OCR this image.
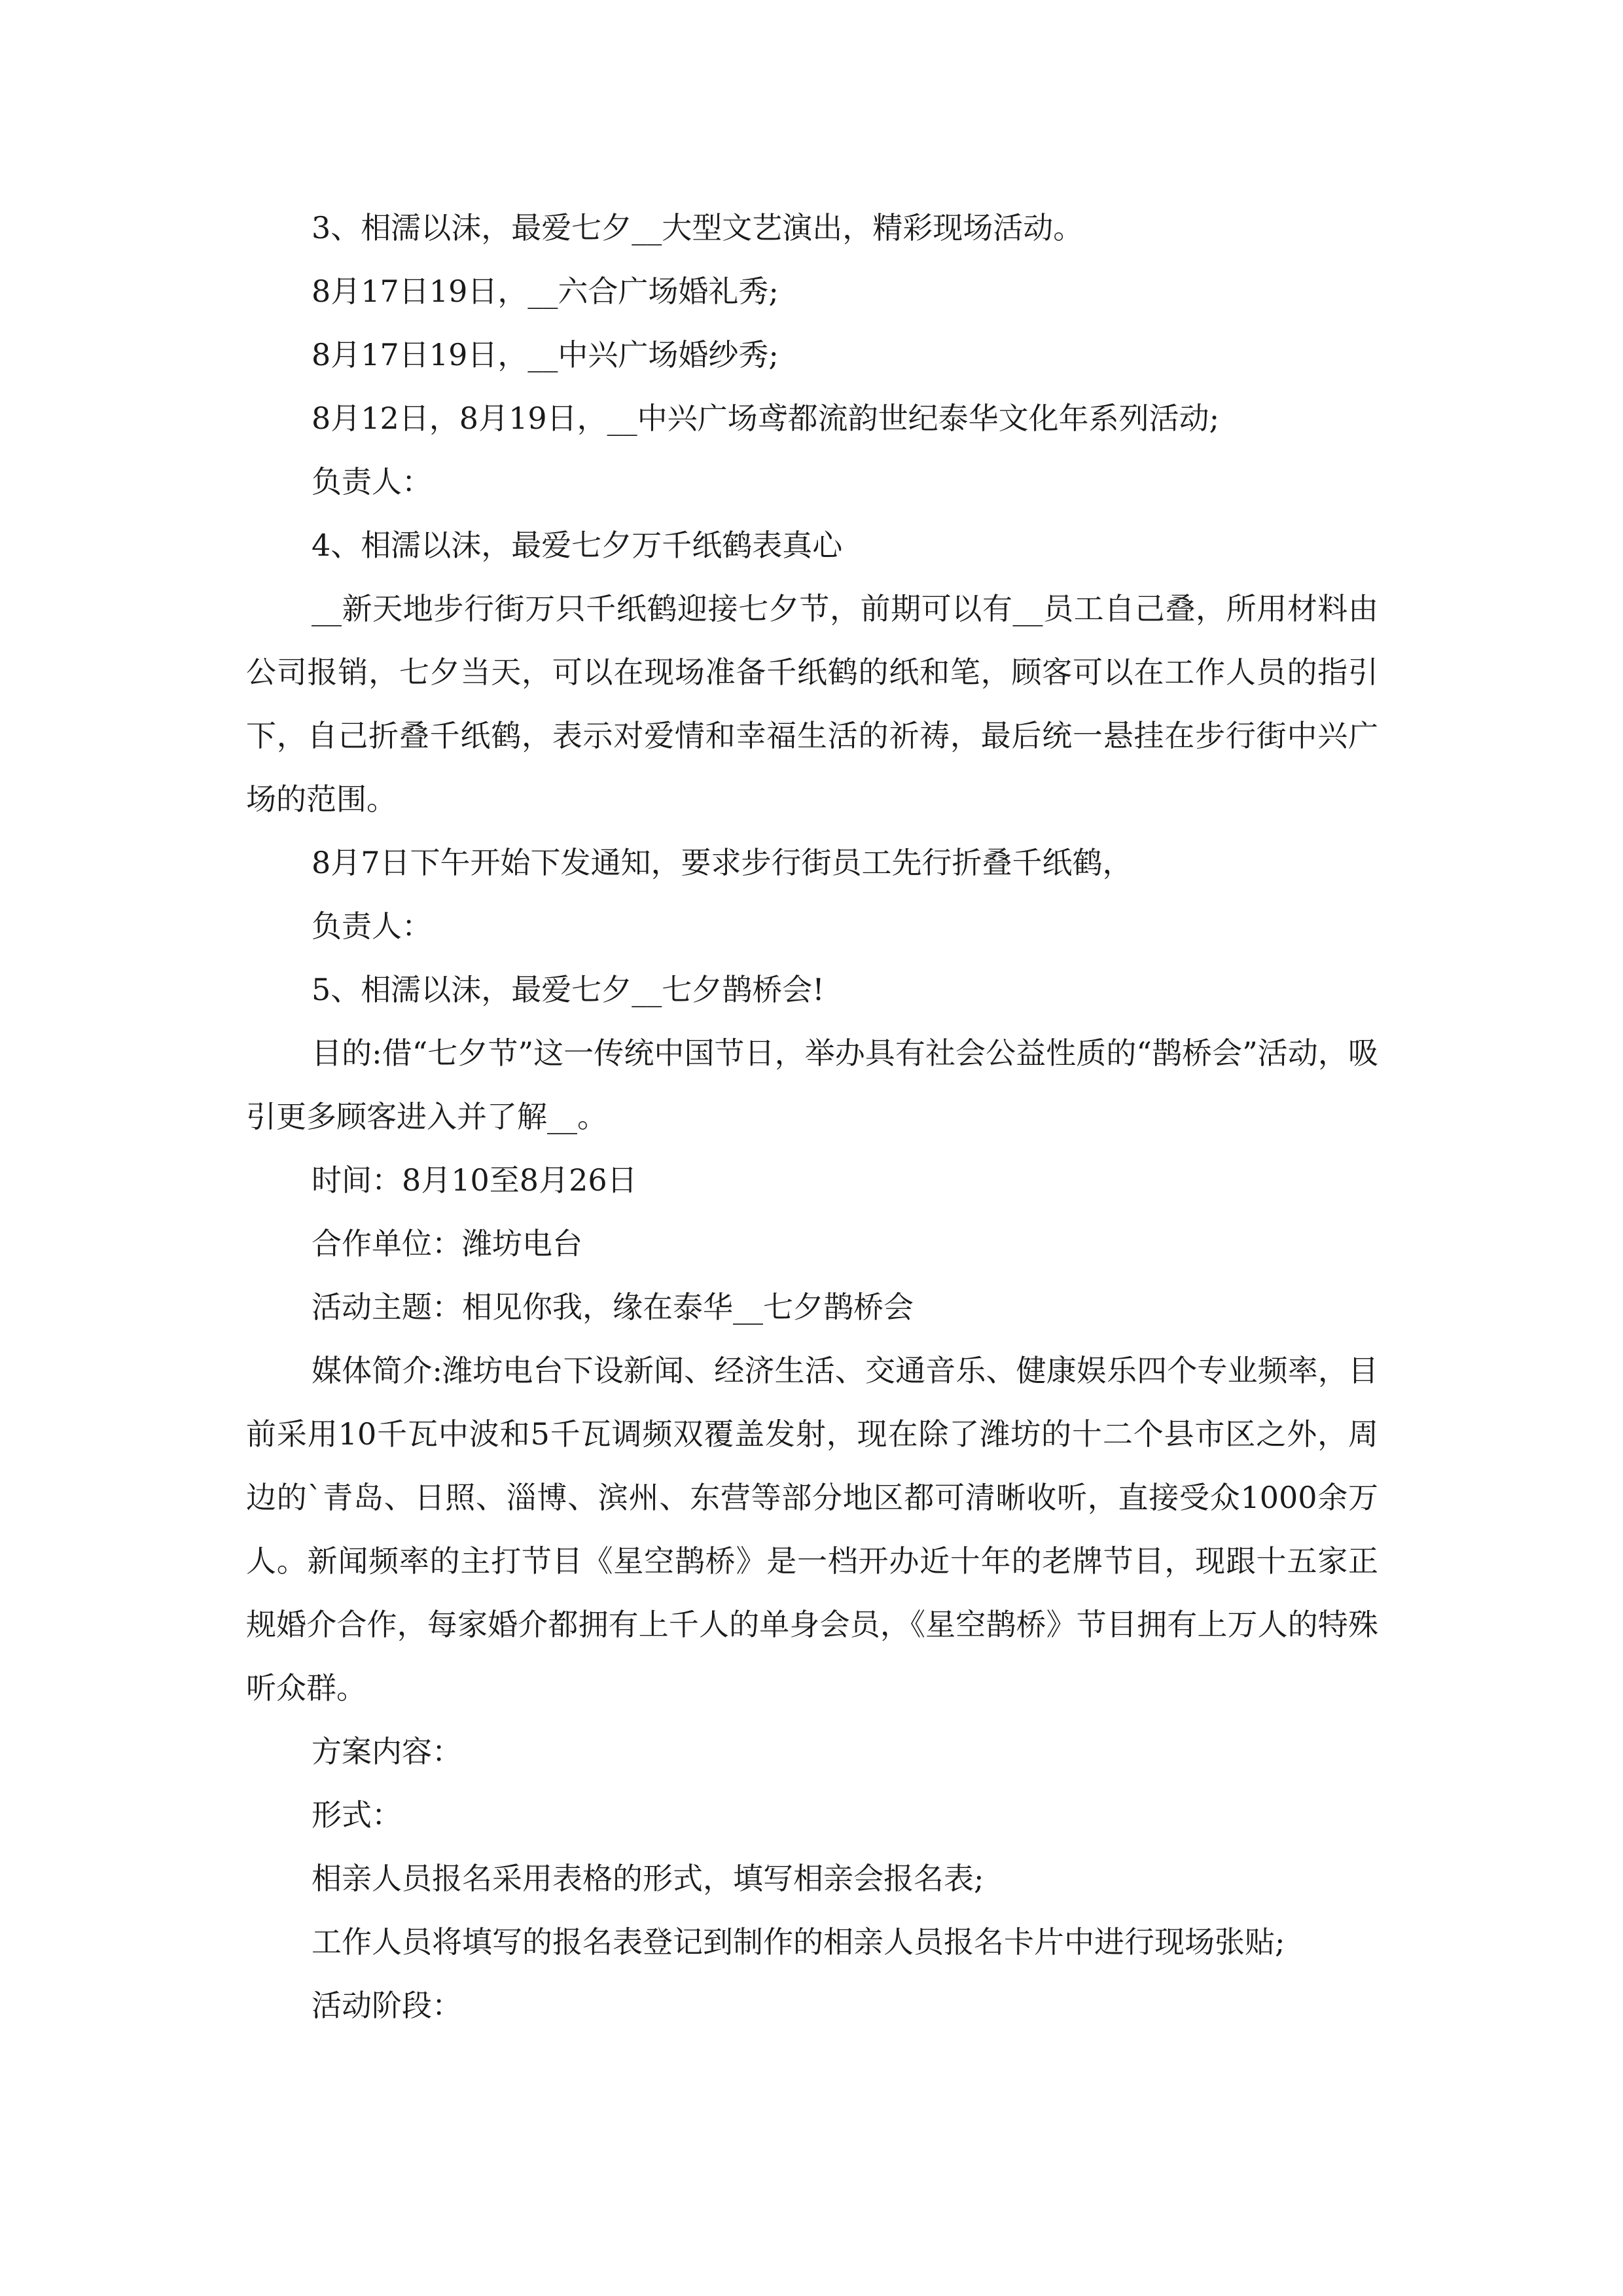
3、相濡以沫，最爱七夕__大型文艺演出，精彩现场活动。

8月17日19日，__六合广场婚礼秀;

8月17日19日，__中兴广场婚纱秀;

8月12日，8月19日，__中兴广场鸢都流韵世纪泰华文化年系列活动;

负责人：

4、相濡以沫，最爱七夕万千纸鹤表真心

__新天地步行街万只千纸鹤迎接七夕节，前期可以有__员工自己叠，所用材料由公司报销，七夕当天，可以在现场准备千纸鹤的纸和笔，顾客可以在工作人员的指引下，自己折叠千纸鹤，表示对爱情和幸福生活的祈祷，最后统一悬挂在步行街中兴广场的范围。

8月7日下午开始下发通知，要求步行街员工先行折叠千纸鹤，

负责人：

5、相濡以沫，最爱七夕__七夕鹊桥会!

目的:借“七夕节”这一传统中国节日，举办具有社会公益性质的“鹊桥会”活动，吸引更多顾客进入并了解__。

时间：8月10至8月26日

合作单位：潍坊电台

活动主题：相见你我，缘在泰华__七夕鹊桥会

媒体简介:潍坊电台下设新闻、经济生活、交通音乐、健康娱乐四个专业频率，目前采用10千瓦中波和5千瓦调频双覆盖发射，现在除了潍坊的十二个县市区之外，周边的`青岛、日照、淄博、滨州、东营等部分地区都可清晰收听，直接受众1000余万人。新闻频率的主打节目《星空鹊桥》是一档开办近十年的老牌节目，现跟十五家正规婚介合作，每家婚介都拥有上千人的单身会员，《星空鹊桥》节目拥有上万人的特殊听众群。

方案内容：

形式：

相亲人员报名采用表格的形式，填写相亲会报名表;

工作人员将填写的报名表登记到制作的相亲人员报名卡片中进行现场张贴;

活动阶段：
